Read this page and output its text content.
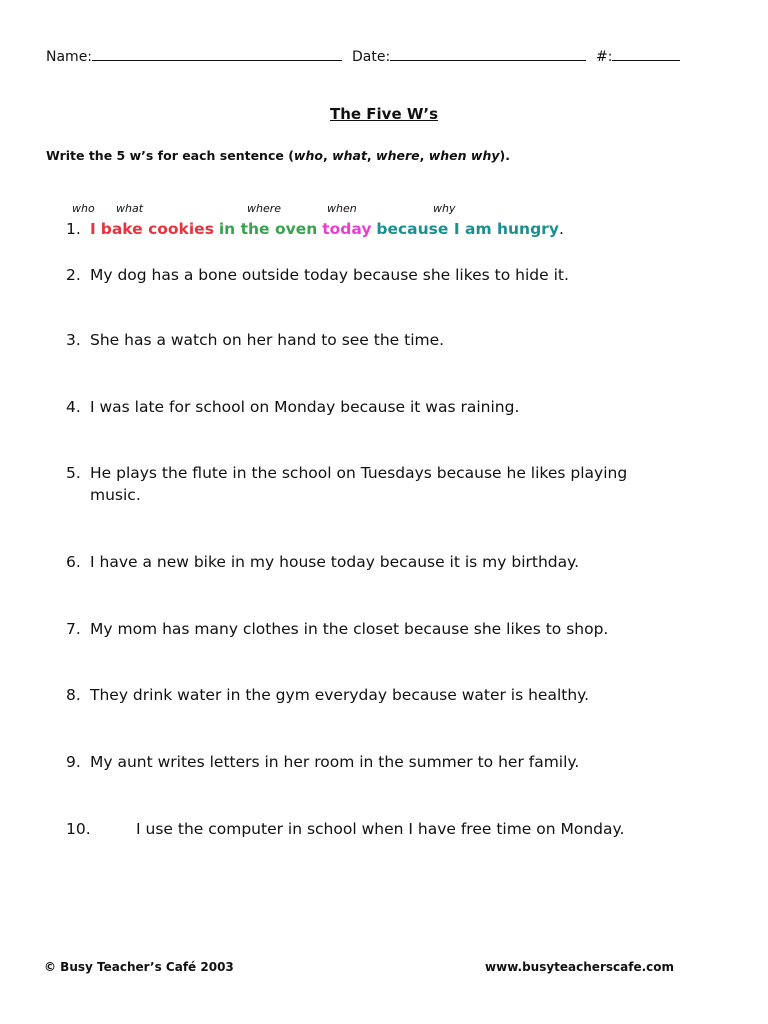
Name:	Date:	#:
The Five W’s
Write the 5 w’s for each sentence (who, what, where, when why).
who what	where	when	why
1. I bake cookies in the oven today because I am hungry.
2. My dog has a bone outside today because she likes to hide it.
3. She has a watch on her hand to see the time.
4. I was late for school on Monday because it was raining.
5. He plays the flute in the school on Tuesdays because he likes playing
music.
6. I have a new bike in my house today because it is my birthday.
7. My mom has many clothes in the closet because she likes to shop.
8. They drink water in the gym everyday because water is healthy.
9. My aunt writes letters in her room in the summer to her family.
10.	I use the computer in school when I have free time on Monday.
© Busy Teacher’s Café 2003	www.busyteacherscafe.com
